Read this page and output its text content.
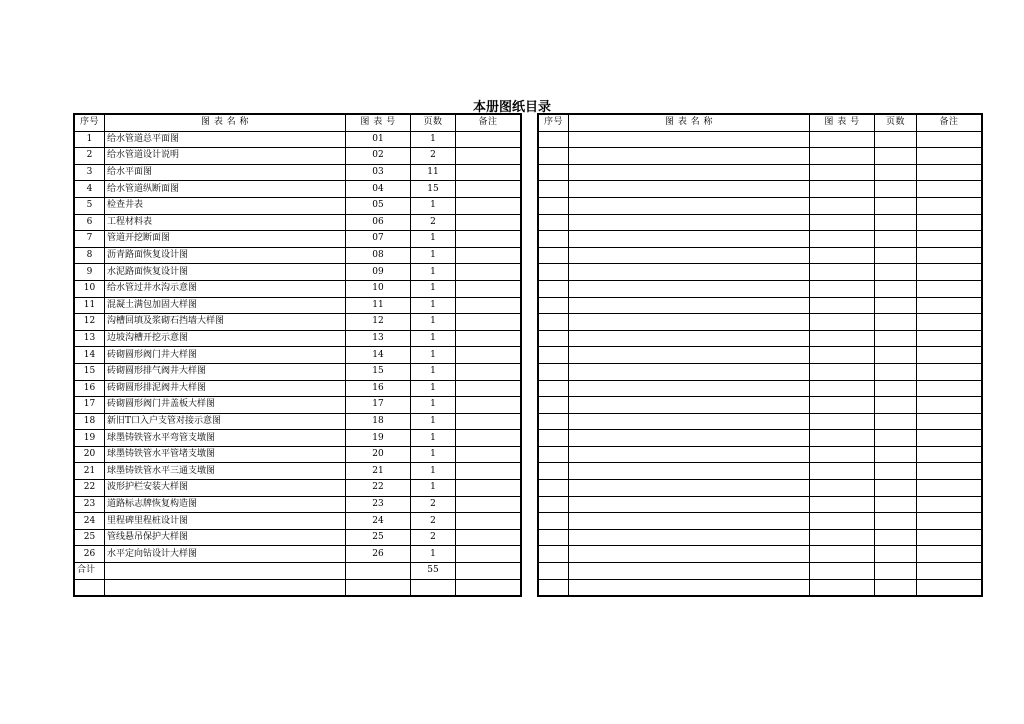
本册图纸目录
序号	图 表 名 称	图 表 号	页数	备注
1	给水管道总平面图	01	1	
2	给水管道设计说明	02	2	
3	给水平面图	03	11	
4	给水管道纵断面图	04	15	
5	检查井表	05	1	
6	工程材料表	06	2	
7	管道开挖断面图	07	1	
8	沥青路面恢复设计图	08	1	
9	水泥路面恢复设计图	09	1	
10	给水管过井水沟示意图	10	1	
11	混凝土满包加固大样图	11	1	
12	沟槽回填及浆砌石挡墙大样图	12	1	
13	边坡沟槽开挖示意图	13	1	
14	砖砌圆形阀门井大样图	14	1	
15	砖砌圆形排气阀井大样图	15	1	
16	砖砌圆形排泥阀井大样图	16	1	
17	砖砌圆形阀门井盖板大样图	17	1	
18	新旧T口入户支管对接示意图	18	1	
19	球墨铸铁管水平弯管支墩图	19	1	
20	球墨铸铁管水平管堵支墩图	20	1	
21	球墨铸铁管水平三通支墩图	21	1	
22	波形护栏安装大样图	22	1	
23	道路标志牌恢复构造图	23	2	
24	里程碑里程桩设计图	24	2	
25	管线悬吊保护大样图	25	2	
26	水平定向钻设计大样图	26	1	
合计			55	

序号	图 表 名 称	图 表 号	页数	备注
